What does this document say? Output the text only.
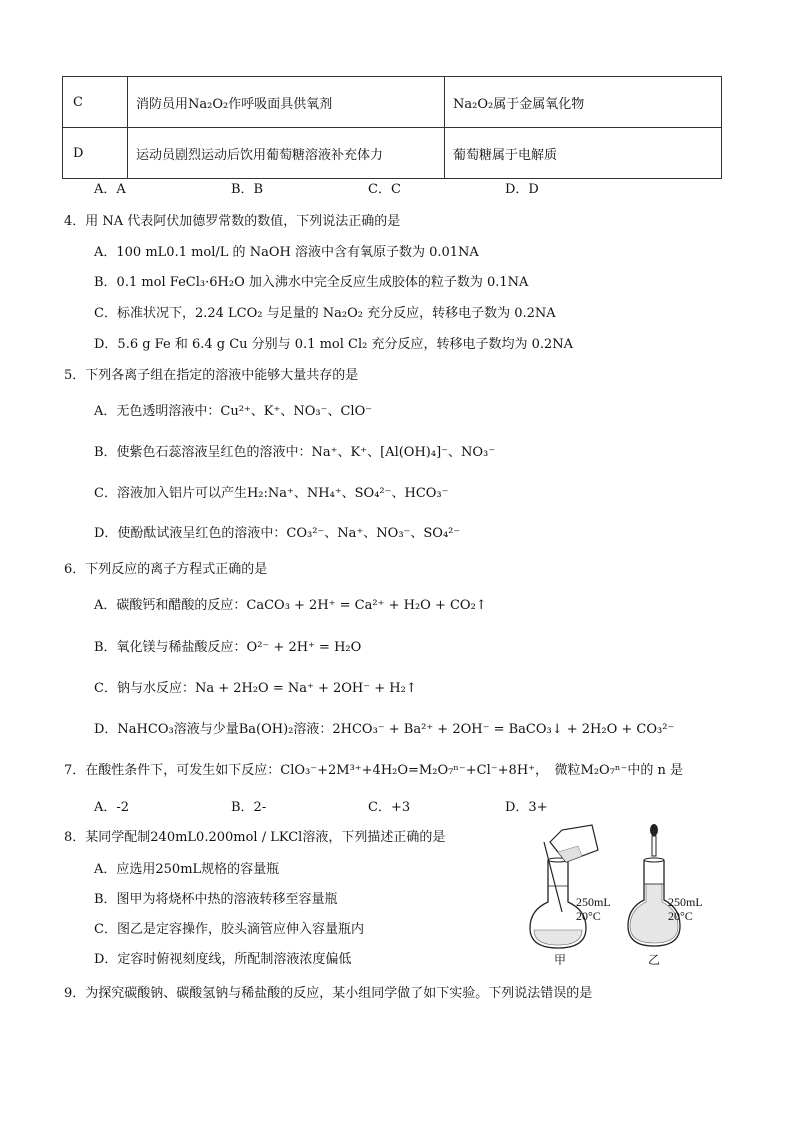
C	消防员用Na₂O₂作呼吸面具供氧剂	Na₂O₂属于金属氧化物
D	运动员剧烈运动后饮用葡萄糖溶液补充体力	葡萄糖属于电解质
A．A	B．B	C．C	D．D
4．用 NA 代表阿伏加德罗常数的数值，下列说法正确的是
A．100 mL0.1 mol/L 的 NaOH 溶液中含有氧原子数为 0.01NA
B．0.1 mol FeCl₃·6H₂O 加入沸水中完全反应生成胶体的粒子数为 0.1NA
C．标准状况下，2.24 LCO₂ 与足量的 Na₂O₂ 充分反应，转移电子数为 0.2NA
D．5.6 g Fe 和 6.4 g Cu 分别与 0.1 mol Cl₂ 充分反应，转移电子数均为 0.2NA
5．下列各离子组在指定的溶液中能够大量共存的是
A．无色透明溶液中：Cu²⁺、K⁺、NO₃⁻、ClO⁻
B．使紫色石蕊溶液呈红色的溶液中：Na⁺、K⁺、[Al(OH)₄]⁻、NO₃⁻
C．溶液加入铝片可以产生H₂:Na⁺、NH₄⁺、SO₄²⁻、HCO₃⁻
D．使酚酞试液呈红色的溶液中：CO₃²⁻、Na⁺、NO₃⁻、SO₄²⁻
6．下列反应的离子方程式正确的是
A．碳酸钙和醋酸的反应：CaCO₃ + 2H⁺ = Ca²⁺ + H₂O + CO₂↑
B．氧化镁与稀盐酸反应：O²⁻ + 2H⁺ = H₂O
C．钠与水反应：Na + 2H₂O = Na⁺ + 2OH⁻ + H₂↑
D．NaHCO₃溶液与少量Ba(OH)₂溶液：2HCO₃⁻ + Ba²⁺ + 2OH⁻ = BaCO₃↓ + 2H₂O + CO₃²⁻
7．在酸性条件下，可发生如下反应：ClO₃⁻+2M³⁺+4H₂O=M₂O₇ⁿ⁻+Cl⁻+8H⁺，　微粒M₂O₇ⁿ⁻中的 n 是
A．-2	B．2-	C．+3	D．3+
8．某同学配制240mL0.200mol / LKCl溶液，下列描述正确的是
A．应选用250mL规格的容量瓶
B．图甲为将烧杯中热的溶液转移至容量瓶
C．图乙是定容操作，胶头滴管应伸入容量瓶内
D．定容时俯视刻度线，所配制溶液浓度偏低
250mL
20°C
甲
250mL
20°C
乙
9．为探究碳酸钠、碳酸氢钠与稀盐酸的反应，某小组同学做了如下实验。下列说法错误的是
